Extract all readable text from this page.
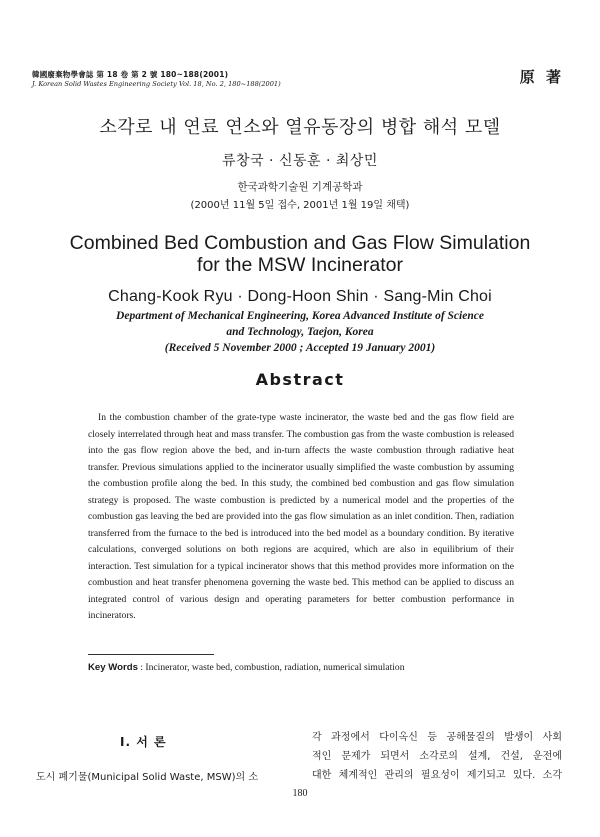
韓國廢棄物學會誌 第 18 卷 第 2 號 180~188(2001)
J. Korean Solid Wastes Engineering Society Vol. 18, No. 2, 180~188(2001)	原 著
소각로 내 연료 연소와 열유동장의 병합 해석 모델
류창국 · 신동훈 · 최상민
한국과학기술원 기계공학과
(2000년 11월 5일 접수, 2001년 1월 19일 채택)
Combined Bed Combustion and Gas Flow Simulation
for the MSW Incinerator
Chang-Kook Ryu · Dong-Hoon Shin · Sang-Min Choi
Department of Mechanical Engineering, Korea Advanced Institute of Science
and Technology, Taejon, Korea
(Received 5 November 2000 ; Accepted 19 January 2001)
Abstract
In the combustion chamber of the grate-type waste incinerator, the waste bed and the gas flow field are closely interrelated through heat and mass transfer. The combustion gas from the waste combustion is released into the gas flow region above the bed, and in-turn affects the waste combustion through radiative heat transfer. Previous simulations applied to the incinerator usually simplified the waste combustion by assuming the combustion profile along the bed. In this study, the combined bed combustion and gas flow simulation strategy is proposed. The waste combustion is predicted by a numerical model and the properties of the combustion gas leaving the bed are provided into the gas flow simulation as an inlet condition. Then, radiation transferred from the furnace to the bed is introduced into the bed model as a boundary condition. By iterative calculations, converged solutions on both regions are acquired, which are also in equilibrium of their interaction. Test simulation for a typical incinerator shows that this method provides more information on the combustion and heat transfer phenomena governing the waste bed. This method can be applied to discuss an integrated control of various design and operating parameters for better combustion performance in incinerators.
Key Words : Incinerator, waste bed, combustion, radiation, numerical simulation
I. 서 론
도시 폐기물(Municipal Solid Waste, MSW)의 소
각 과정에서 다이옥신 등 공해물질의 발생이 사회
적인 문제가 되면서 소각로의 설계, 건설, 운전에
대한 체계적인 관리의 필요성이 제기되고 있다. 소각
180
